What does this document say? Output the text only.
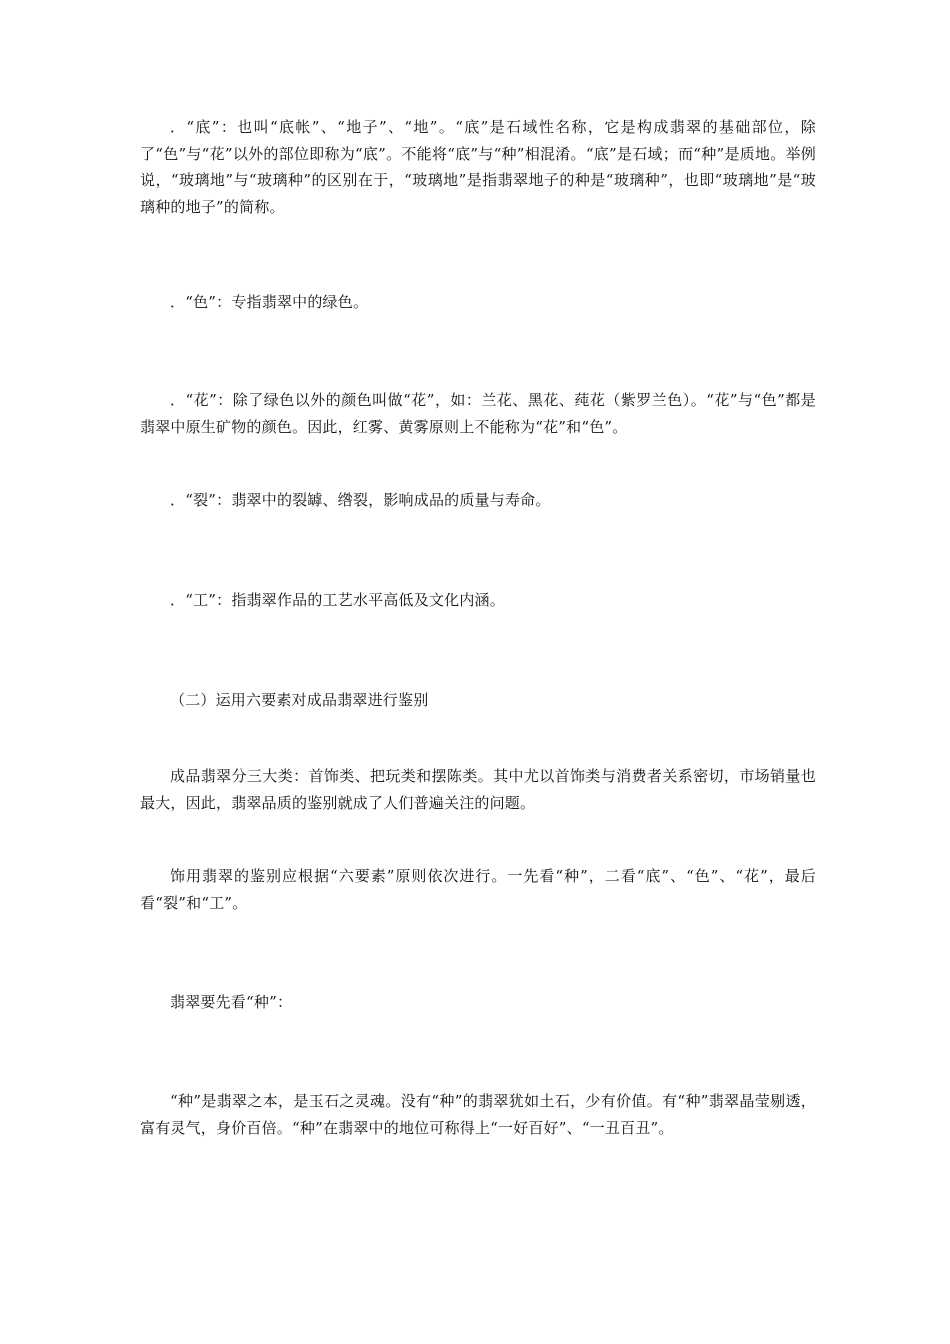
．“底”：也叫“底帐”、“地子”、“地”。“底”是石域性名称，它是构成翡翠的基础部位，除了“色”与“花”以外的部位即称为“底”。不能将“底”与“种”相混淆。“底”是石域；而“种”是质地。举例说，“玻璃地”与“玻璃种”的区别在于，“玻璃地”是指翡翠地子的种是“玻璃种”，也即“玻璃地”是“玻璃种的地子”的简称。

．“色”：专指翡翠中的绿色。

．“花”：除了绿色以外的颜色叫做“花”，如：兰花、黑花、莼花（紫罗兰色）。“花”与“色”都是翡翠中原生矿物的颜色。因此，红雾、黄雾原则上不能称为“花”和“色”。

．“裂”：翡翠中的裂罅、绺裂，影响成品的质量与寿命。

．“工”：指翡翠作品的工艺水平高低及文化内涵。

（二）运用六要素对成品翡翠进行鉴别

成品翡翠分三大类：首饰类、把玩类和摆陈类。其中尤以首饰类与消费者关系密切，市场销量也最大，因此，翡翠品质的鉴别就成了人们普遍关注的问题。

饰用翡翠的鉴别应根据“六要素”原则依次进行。一先看“种”，二看“底”、“色”、“花”，最后看“裂”和“工”。

翡翠要先看“种”：

“种”是翡翠之本，是玉石之灵魂。没有“种”的翡翠犹如土石，少有价值。有“种”翡翠晶莹剔透，富有灵气，身价百倍。“种”在翡翠中的地位可称得上“一好百好”、“一丑百丑”。
